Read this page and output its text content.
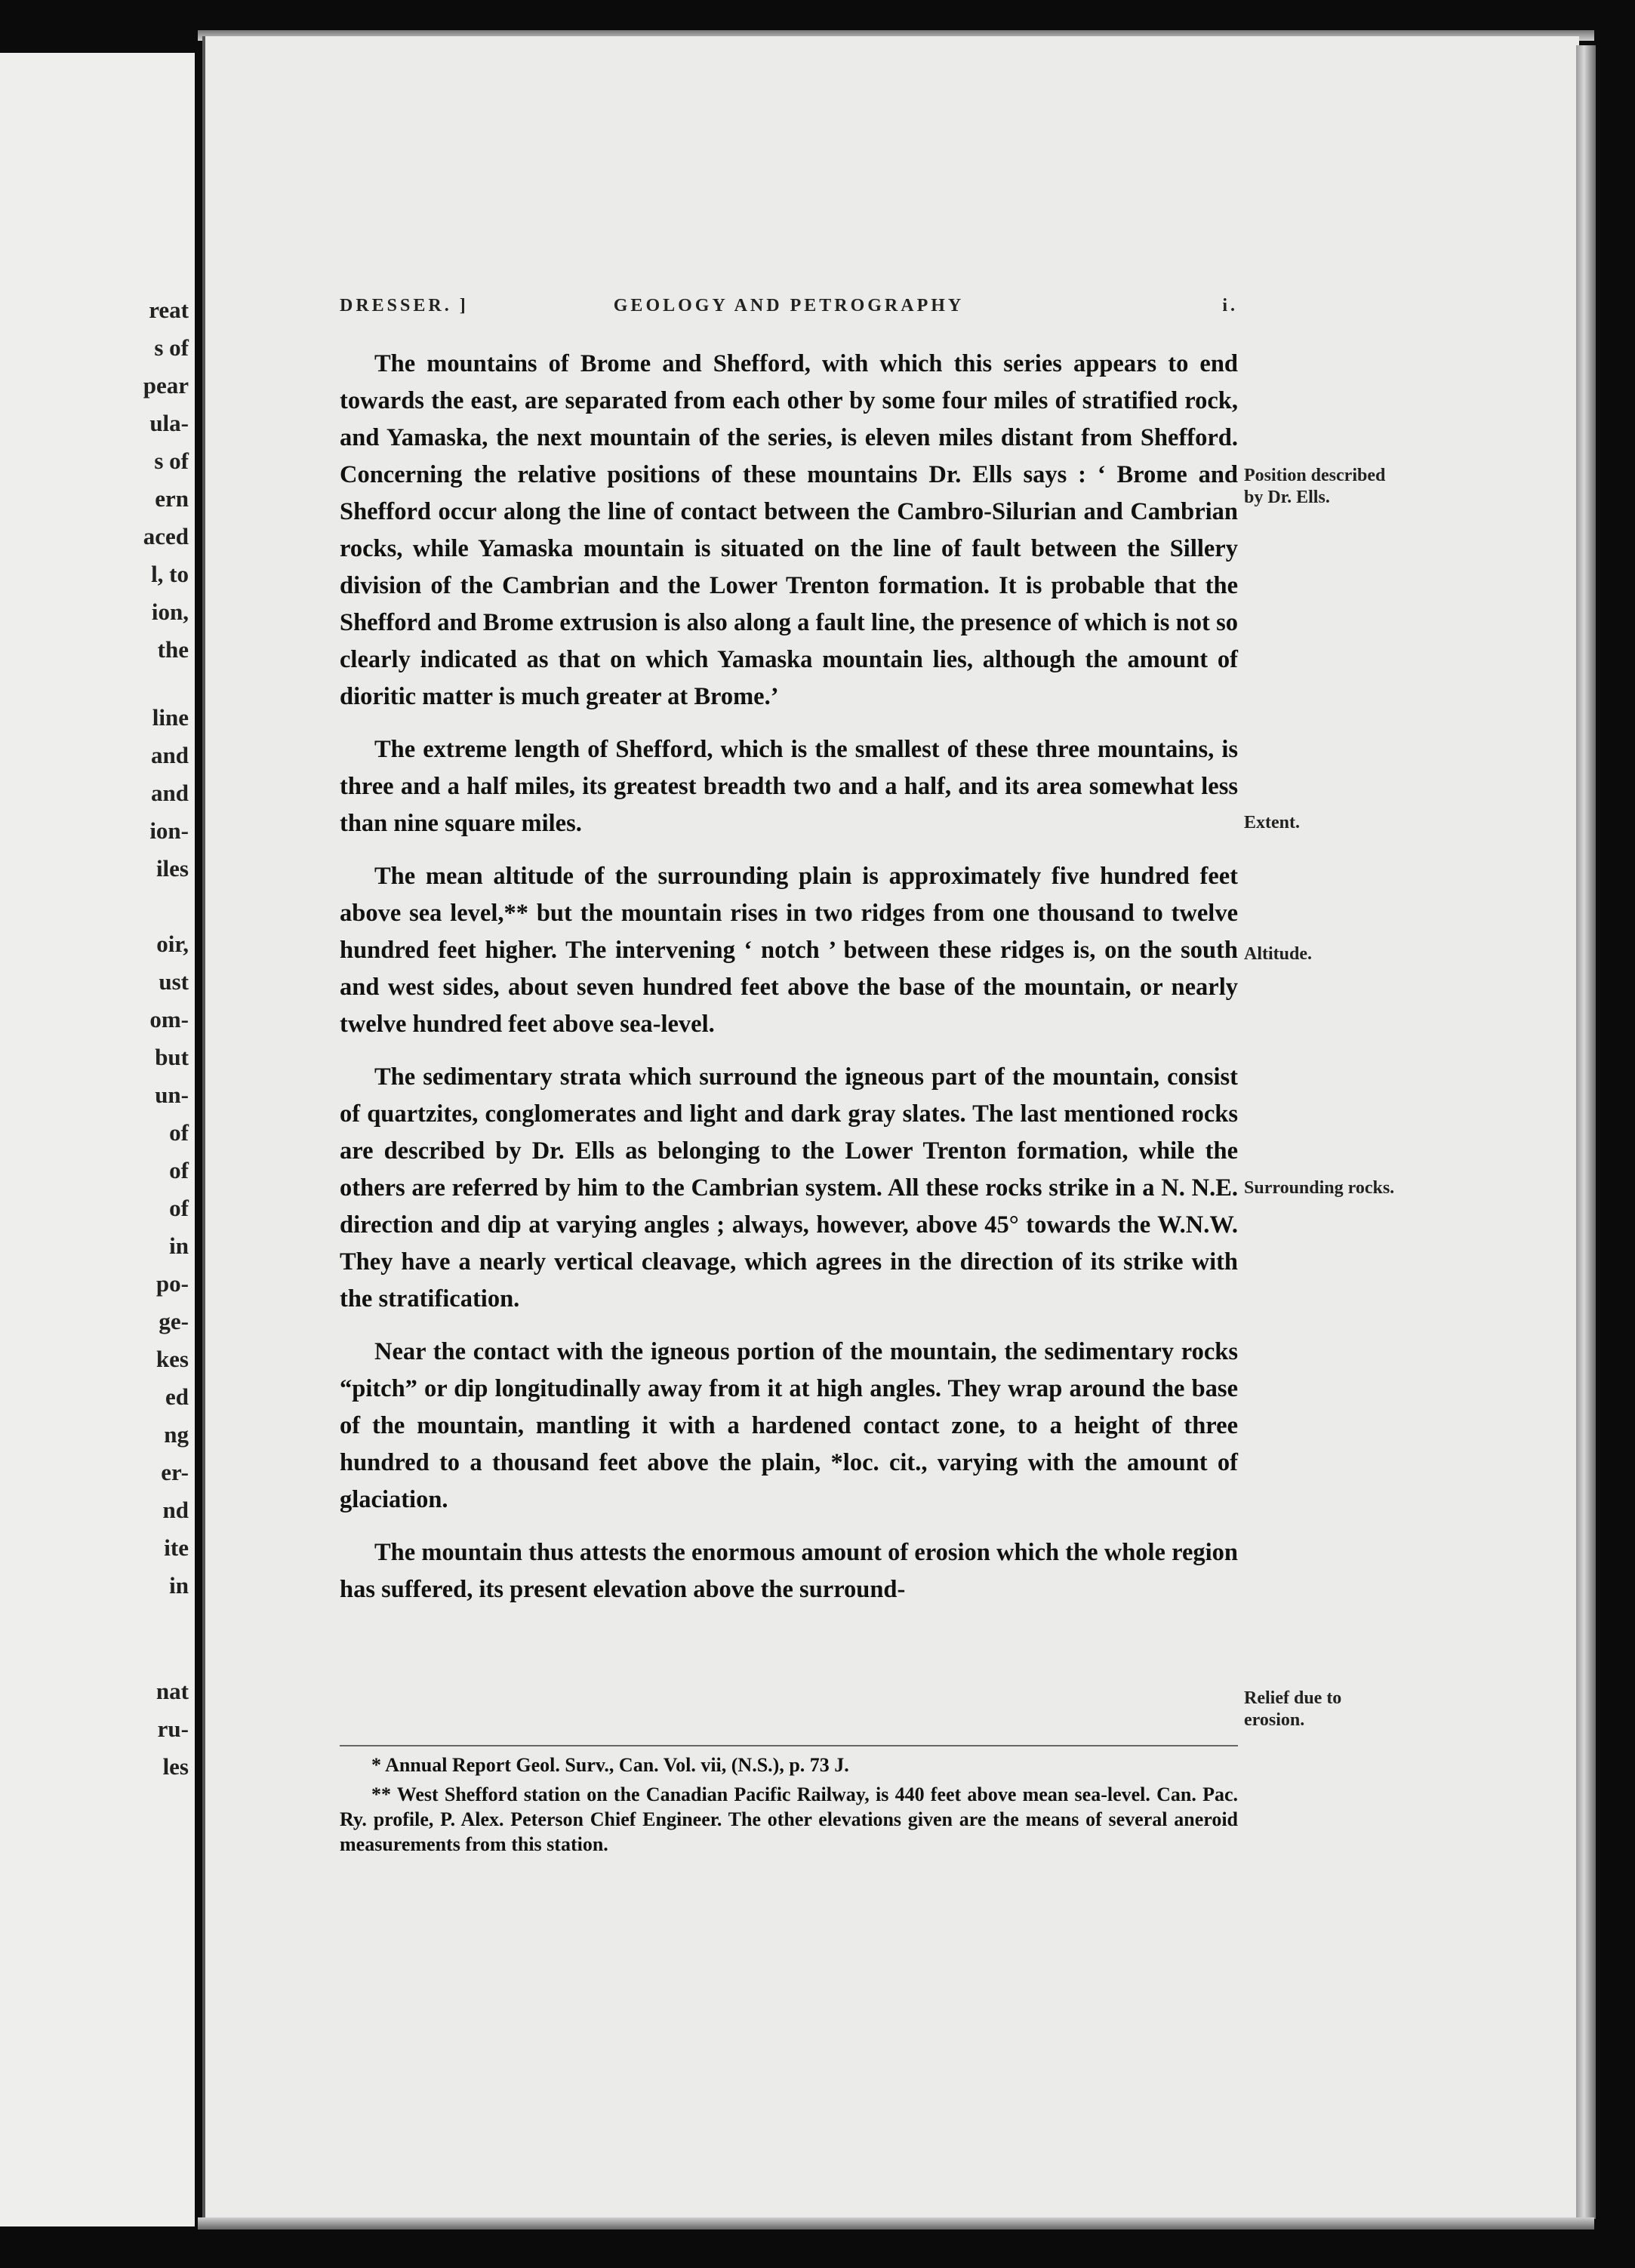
reat
s of
pear
ula-
s of
ern
aced
l, to
ion,
the
line
and
and
ion-
iles
oir,
ust
om-
but
un-
of
of
of
in
po-
ge-
kes
ed
ng
er-
nd
ite
in
nat
ru-
les
DRESSER. ]	GEOLOGY AND PETROGRAPHY	i.

The mountains of Brome and Shefford, with which this series appears to end towards the east, are separated from each other by some four miles of stratified rock, and Yamaska, the next mountain of the series, is eleven miles distant from Shefford. Concerning the relative positions of these mountains Dr. Ells says : ‘ Brome and Shefford occur along the line of contact between the Cambro-Silurian and Cambrian rocks, while Yamaska mountain is situated on the line of fault between the Sillery division of the Cambrian and the Lower Trenton formation. It is probable that the Shefford and Brome extrusion is also along a fault line, the presence of which is not so clearly indicated as that on which Yamaska mountain lies, although the amount of dioritic matter is much greater at Brome.’

The extreme length of Shefford, which is the smallest of these three mountains, is three and a half miles, its greatest breadth two and a half, and its area somewhat less than nine square miles.

The mean altitude of the surrounding plain is approximately five hundred feet above sea level,** but the mountain rises in two ridges from one thousand to twelve hundred feet higher. The intervening ‘ notch ’ between these ridges is, on the south and west sides, about seven hundred feet above the base of the mountain, or nearly twelve hundred feet above sea-level.

The sedimentary strata which surround the igneous part of the mountain, consist of quartzites, conglomerates and light and dark gray slates. The last mentioned rocks are described by Dr. Ells as belonging to the Lower Trenton formation, while the others are referred by him to the Cambrian system. All these rocks strike in a N. N.E. direction and dip at varying angles ; always, however, above 45° towards the W.N.W. They have a nearly vertical cleavage, which agrees in the direction of its strike with the stratification.

Near the contact with the igneous portion of the mountain, the sedimentary rocks “pitch” or dip longitudinally away from it at high angles. They wrap around the base of the mountain, mantling it with a hardened contact zone, to a height of three hundred to a thousand feet above the plain, *loc. cit., varying with the amount of glaciation.

The mountain thus attests the enormous amount of erosion which the whole region has suffered, its present elevation above the surround-

Position described by Dr. Ells.
Extent.
Altitude.
Surrounding rocks.
Relief due to erosion.

* Annual Report Geol. Surv., Can. Vol. vii, (N.S.), p. 73 J.

** West Shefford station on the Canadian Pacific Railway, is 440 feet above mean sea-level. Can. Pac. Ry. profile, P. Alex. Peterson Chief Engineer. The other elevations given are the means of several aneroid measurements from this station.
